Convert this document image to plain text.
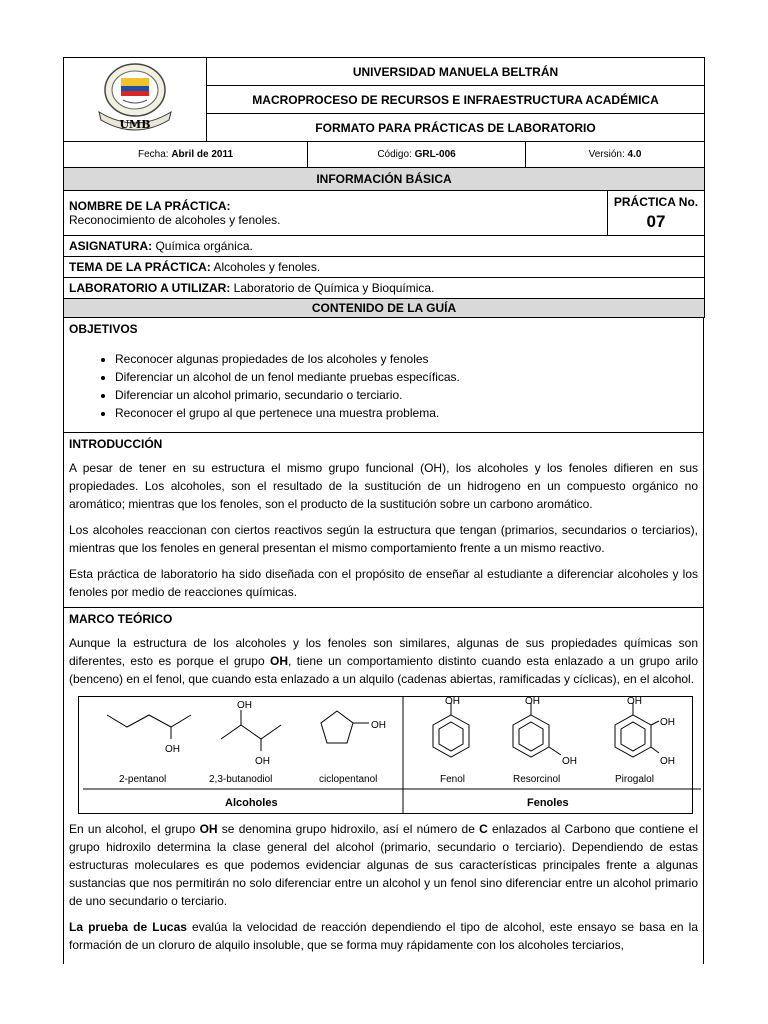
UMB	UNIVERSIDAD MANUELA BELTRÁN		
	MACROPROCESO DE RECURSOS E INFRAESTRUCTURA ACADÉMICA		
	FORMATO PARA PRÁCTICAS DE LABORATORIO		
Fecha: Abril de 2011		Código: GRL-006	Versión: 4.0
INFORMACIÓN BÁSICA
NOMBRE DE LA PRÁCTICA:
Reconocimiento de alcoholes y fenoles.	
PRÁCTICA No.
07

ASIGNATURA: Química orgánica.
TEMA DE LA PRÁCTICA: Alcoholes y fenoles.
LABORATORIO A UTILIZAR: Laboratorio de Química y Bioquímica.
CONTENIDO DE LA GUÍA
OBJETIVOS
• Reconocer algunas propiedades de los alcoholes y fenoles
• Diferenciar un alcohol de un fenol mediante pruebas específicas.
• Diferenciar un alcohol primario, secundario o terciario.
• Reconocer el grupo al que pertenece una muestra problema.
INTRODUCCIÓN

A pesar de tener en su estructura el mismo grupo funcional (OH), los alcoholes y los fenoles difieren en sus propiedades. Los alcoholes, son el resultado de la sustitución de un hidrogeno en un compuesto orgánico no aromático; mientras que los fenoles, son el producto de la sustitución sobre un carbono aromático.

Los alcoholes reaccionan con ciertos reactivos según la estructura que tengan (primarios, secundarios o terciarios), mientras que los fenoles en general presentan el mismo comportamiento frente a un mismo reactivo.

Esta práctica de laboratorio ha sido diseñada con el propósito de enseñar al estudiante a diferenciar alcoholes y los fenoles por medio de reacciones químicas.

MARCO TEÓRICO

Aunque la estructura de los alcoholes y los fenoles son similares, algunas de sus propiedades químicas son diferentes, esto es porque el grupo OH, tiene un comportamiento distinto cuando esta enlazado a un grupo arilo (benceno) en el fenol, que cuando esta enlazado a un alquilo (cadenas abiertas, ramificadas y cíclicas), en el alcohol.

OH
OH
OH
OH
OH	OH
OH
OH
OH
OH
2-pentanol	2,3-butanodiol	ciclopentanol	Fenol	Resorcinol	Pirogalol
Alcoholes	Fenoles

En un alcohol, el grupo OH se denomina grupo hidroxilo, así el número de C enlazados al Carbono que contiene el grupo hidroxilo determina la clase general del alcohol (primario, secundario o terciario). Dependiendo de estas estructuras moleculares es que podemos evidenciar algunas de sus características principales frente a algunas sustancias que nos permitirán no solo diferenciar entre un alcohol y un fenol sino diferenciar entre un alcohol primario de uno secundario o terciario.

La prueba de Lucas evalúa la velocidad de reacción dependiendo el tipo de alcohol, este ensayo se basa en la formación de un cloruro de alquilo insoluble, que se forma muy rápidamente con los alcoholes terciarios,
